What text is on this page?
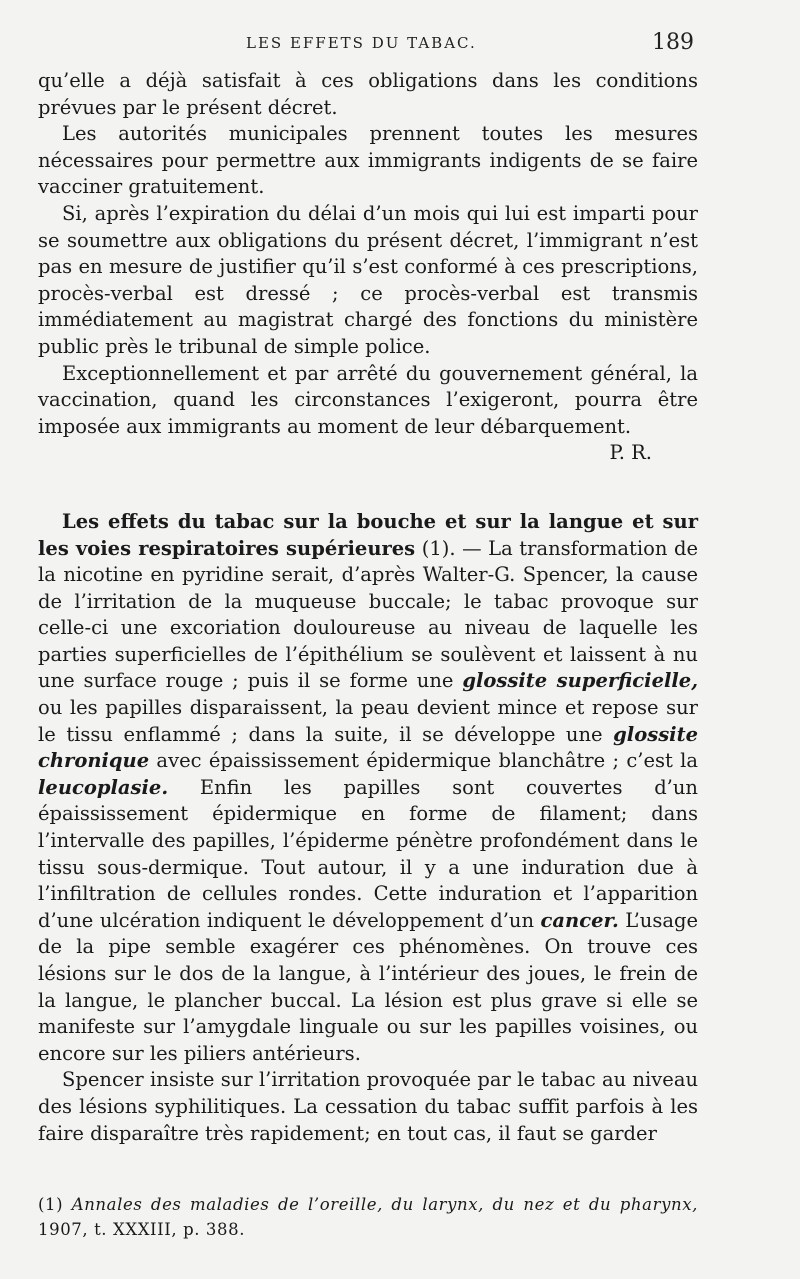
LES EFFETS DU TABAC.	189

qu’elle a déjà satisfait à ces obligations dans les conditions prévues par le présent décret.

Les autorités municipales prennent toutes les mesures nécessaires pour permettre aux immigrants indigents de se faire vacciner gratuitement.

Si, après l’expiration du délai d’un mois qui lui est imparti pour se soumettre aux obligations du présent décret, l’immigrant n’est pas en mesure de justifier qu’il s’est conformé à ces prescriptions, procès-verbal est dressé ; ce procès-verbal est transmis immédiatement au magistrat chargé des fonctions du ministère public près le tribunal de simple police.

Exceptionnellement et par arrêté du gouvernement général, la vaccination, quand les circonstances l’exigeront, pourra être imposée aux immigrants au moment de leur débarquement.

P. R.

Les effets du tabac sur la bouche et sur la langue et sur les voies respiratoires supérieures (1). — La transformation de la nicotine en pyridine serait, d’après Walter-G. Spencer, la cause de l’irritation de la muqueuse buccale; le tabac provoque sur celle-ci une excoriation douloureuse au niveau de laquelle les parties superficielles de l’épithélium se soulèvent et laissent à nu une surface rouge ; puis il se forme une glossite superficielle, ou les papilles disparaissent, la peau devient mince et repose sur le tissu enflammé ; dans la suite, il se développe une glossite chronique avec épaississement épidermique blanchâtre ; c’est la leucoplasie. Enfin les papilles sont couvertes d’un épaississement épidermique en forme de filament; dans l’intervalle des papilles, l’épiderme pénètre profondément dans le tissu sous-dermique. Tout autour, il y a une induration due à l’infiltration de cellules rondes. Cette induration et l’apparition d’une ulcération indiquent le développement d’un cancer. L’usage de la pipe semble exagérer ces phénomènes. On trouve ces lésions sur le dos de la langue, à l’intérieur des joues, le frein de la langue, le plancher buccal. La lésion est plus grave si elle se manifeste sur l’amygdale linguale ou sur les papilles voisines, ou encore sur les piliers antérieurs.

Spencer insiste sur l’irritation provoquée par le tabac au niveau des lésions syphilitiques. La cessation du tabac suffit parfois à les faire disparaître très rapidement; en tout cas, il faut se garder

(1) Annales des maladies de l’oreille, du larynx, du nez et du pharynx, 1907, t. XXXIII, p. 388.
